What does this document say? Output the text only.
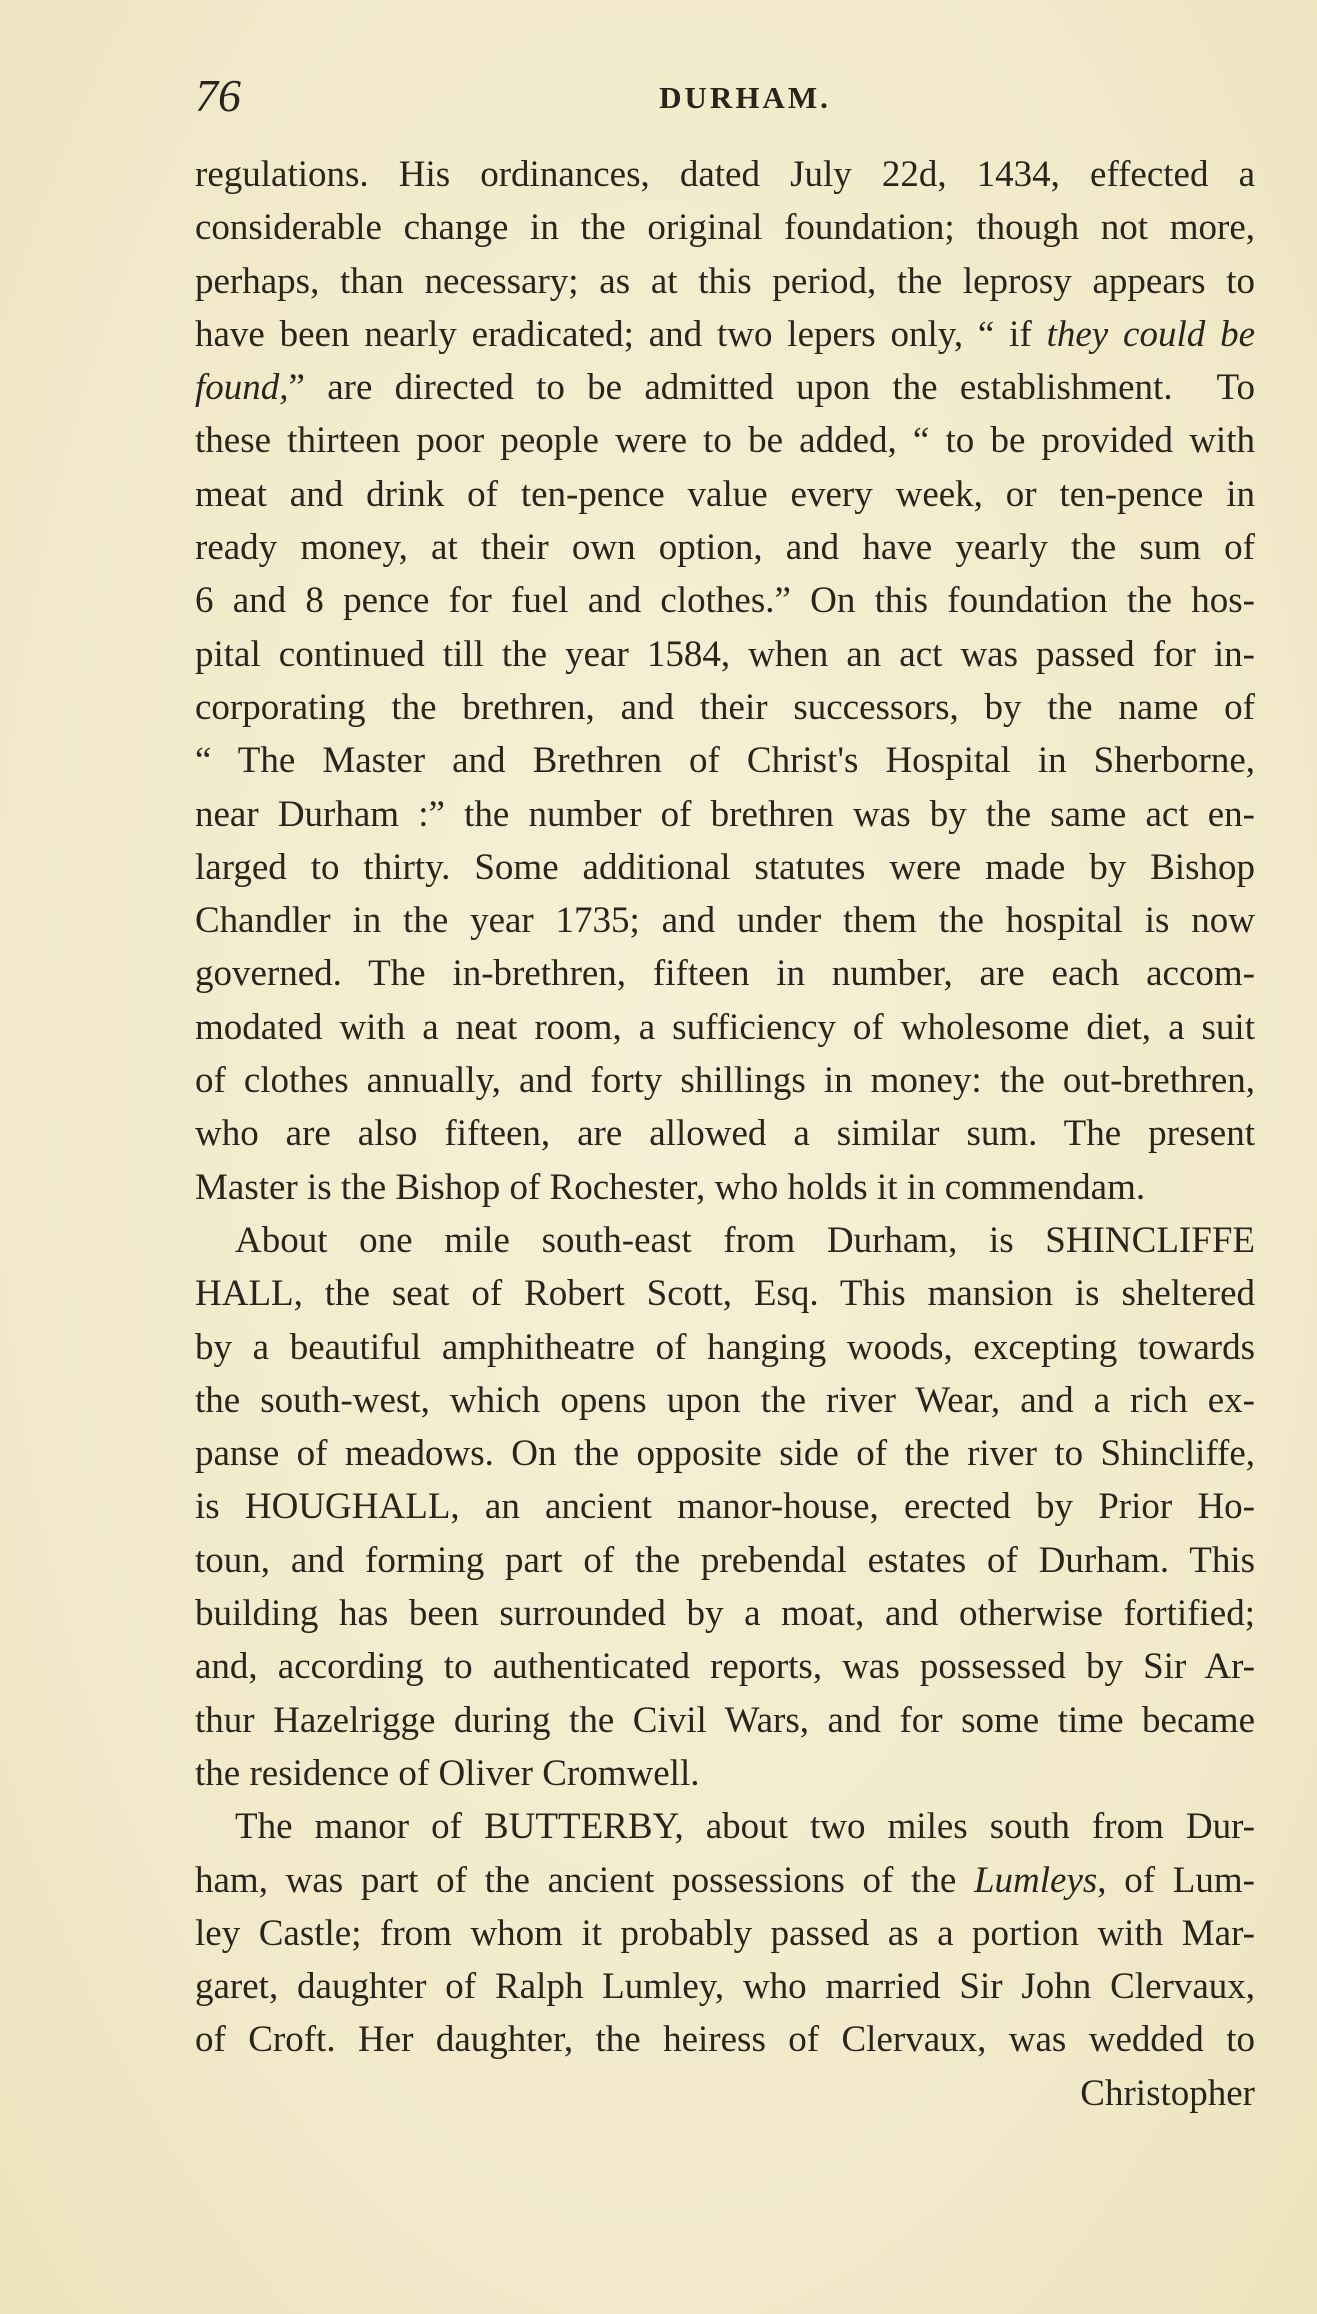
76	DURHAM.
regulations. His ordinances, dated July 22d, 1434, effected a
considerable change in the original foundation; though not more,
perhaps, than necessary; as at this period, the leprosy appears to
have been nearly eradicated; and two lepers only, “ if they could be
found,” are directed to be admitted upon the establishment.  To
these thirteen poor people were to be added, “ to be provided with
meat and drink of ten-pence value every week, or ten-pence in
ready money, at their own option, and have yearly the sum of
6 and 8 pence for fuel and clothes.” On this foundation the hos-
pital continued till the year 1584, when an act was passed for in-
corporating the brethren, and their successors, by the name of
“ The Master and Brethren of Christ's Hospital in Sherborne,
near Durham :” the number of brethren was by the same act en-
larged to thirty. Some additional statutes were made by Bishop
Chandler in the year 1735; and under them the hospital is now
governed. The in-brethren, fifteen in number, are each accom-
modated with a neat room, a sufficiency of wholesome diet, a suit
of clothes annually, and forty shillings in money: the out-brethren,
who are also fifteen, are allowed a similar sum. The present
Master is the Bishop of Rochester, who holds it in commendam.
About one mile south-east from Durham, is SHINCLIFFE
HALL, the seat of Robert Scott, Esq. This mansion is sheltered
by a beautiful amphitheatre of hanging woods, excepting towards
the south-west, which opens upon the river Wear, and a rich ex-
panse of meadows. On the opposite side of the river to Shincliffe,
is HOUGHALL, an ancient manor-house, erected by Prior Ho-
toun, and forming part of the prebendal estates of Durham. This
building has been surrounded by a moat, and otherwise fortified;
and, according to authenticated reports, was possessed by Sir Ar-
thur Hazelrigge during the Civil Wars, and for some time became
the residence of Oliver Cromwell.
The manor of BUTTERBY, about two miles south from Dur-
ham, was part of the ancient possessions of the Lumleys, of Lum-
ley Castle; from whom it probably passed as a portion with Mar-
garet, daughter of Ralph Lumley, who married Sir John Clervaux,
of Croft. Her daughter, the heiress of Clervaux, was wedded to
Christopher
